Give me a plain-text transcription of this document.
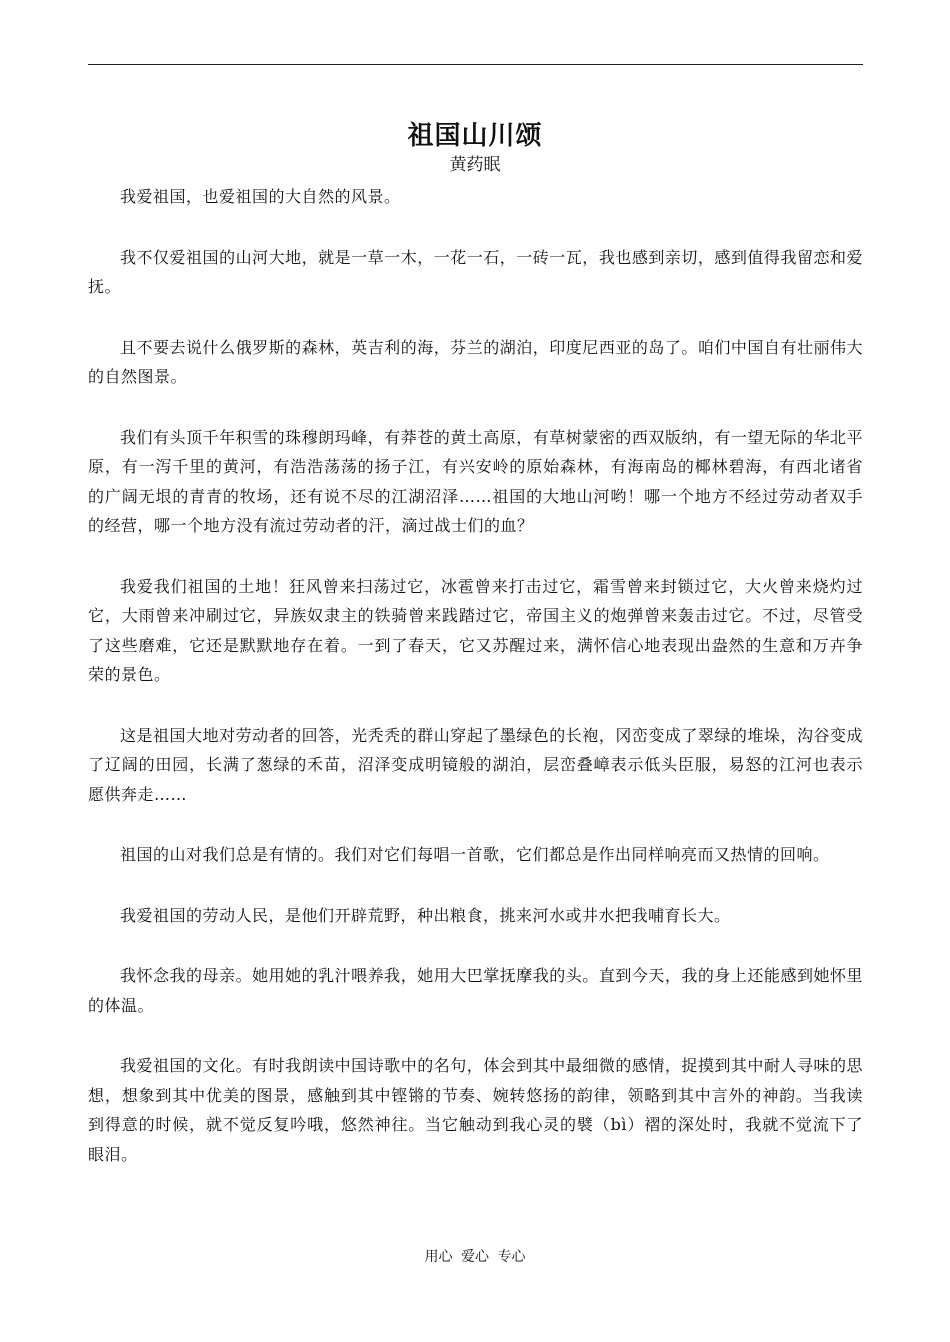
祖国山川颂
黄药眠

我爱祖国，也爱祖国的大自然的风景。

我不仅爱祖国的山河大地，就是一草一木，一花一石，一砖一瓦，我也感到亲切，感到值得我留恋和爱抚。

且不要去说什么俄罗斯的森林，英吉利的海，芬兰的湖泊，印度尼西亚的岛了。咱们中国自有壮丽伟大的自然图景。

我们有头顶千年积雪的珠穆朗玛峰，有莽苍的黄土高原，有草树蒙密的西双版纳，有一望无际的华北平原，有一泻千里的黄河，有浩浩荡荡的扬子江，有兴安岭的原始森林，有海南岛的椰林碧海，有西北诸省的广阔无垠的青青的牧场，还有说不尽的江湖沼泽……祖国的大地山河哟！哪一个地方不经过劳动者双手的经营，哪一个地方没有流过劳动者的汗，滴过战士们的血？

我爱我们祖国的土地！狂风曾来扫荡过它，冰雹曾来打击过它，霜雪曾来封锁过它，大火曾来烧灼过它，大雨曾来冲刷过它，异族奴隶主的铁骑曾来践踏过它，帝国主义的炮弹曾来轰击过它。不过，尽管受了这些磨难，它还是默默地存在着。一到了春天，它又苏醒过来，满怀信心地表现出盎然的生意和万卉争荣的景色。

这是祖国大地对劳动者的回答，光秃秃的群山穿起了墨绿色的长袍，冈峦变成了翠绿的堆垛，沟谷变成了辽阔的田园，长满了葱绿的禾苗，沼泽变成明镜般的湖泊，层峦叠嶂表示低头臣服，易怒的江河也表示愿供奔走……

祖国的山对我们总是有情的。我们对它们每唱一首歌，它们都总是作出同样响亮而又热情的回响。

我爱祖国的劳动人民，是他们开辟荒野，种出粮食，挑来河水或井水把我哺育长大。

我怀念我的母亲。她用她的乳汁喂养我，她用大巴掌抚摩我的头。直到今天，我的身上还能感到她怀里的体温。

我爱祖国的文化。有时我朗读中国诗歌中的名句，体会到其中最细微的感情，捉摸到其中耐人寻味的思想，想象到其中优美的图景，感触到其中铿锵的节奏、婉转悠扬的韵律，领略到其中言外的神韵。当我读到得意的时候，就不觉反复吟哦，悠然神往。当它触动到我心灵的襞（bì）褶的深处时，我就不觉流下了眼泪。

用心 爱心 专心
